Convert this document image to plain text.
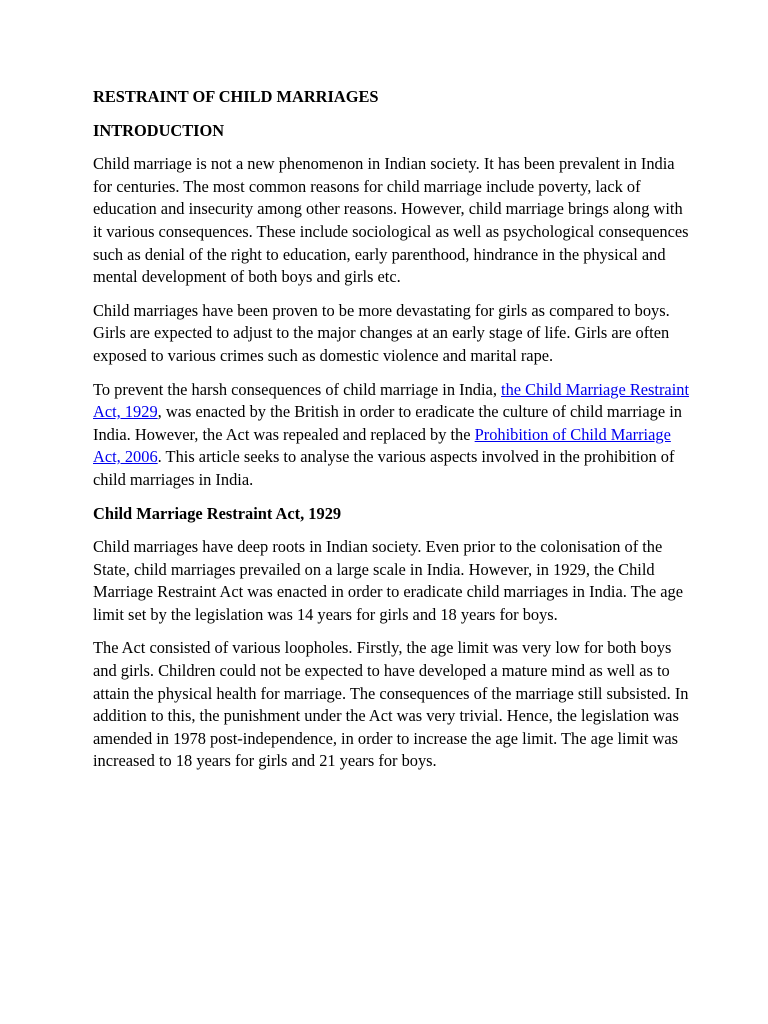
RESTRAINT OF CHILD MARRIAGES

INTRODUCTION

Child marriage is not a new phenomenon in Indian society. It has been prevalent in India for centuries. The most common reasons for child marriage include poverty, lack of education and insecurity among other reasons. However, child marriage brings along with it various consequences. These include sociological as well as psychological consequences such as denial of the right to education, early parenthood, hindrance in the physical and mental development of both boys and girls etc.

Child marriages have been proven to be more devastating for girls as compared to boys. Girls are expected to adjust to the major changes at an early stage of life. Girls are often exposed to various crimes such as domestic violence and marital rape.

To prevent the harsh consequences of child marriage in India, the Child Marriage Restraint Act, 1929, was enacted by the British in order to eradicate the culture of child marriage in India. However, the Act was repealed and replaced by the Prohibition of Child Marriage Act, 2006. This article seeks to analyse the various aspects involved in the prohibition of child marriages in India.

Child Marriage Restraint Act, 1929

Child marriages have deep roots in Indian society. Even prior to the colonisation of the State, child marriages prevailed on a large scale in India. However, in 1929, the Child Marriage Restraint Act was enacted in order to eradicate child marriages in India. The age limit set by the legislation was 14 years for girls and 18 years for boys.

The Act consisted of various loopholes. Firstly, the age limit was very low for both boys and girls. Children could not be expected to have developed a mature mind as well as to attain the physical health for marriage. The consequences of the marriage still subsisted. In addition to this, the punishment under the Act was very trivial. Hence, the legislation was amended in 1978 post-independence, in order to increase the age limit. The age limit was increased to 18 years for girls and 21 years for boys.
